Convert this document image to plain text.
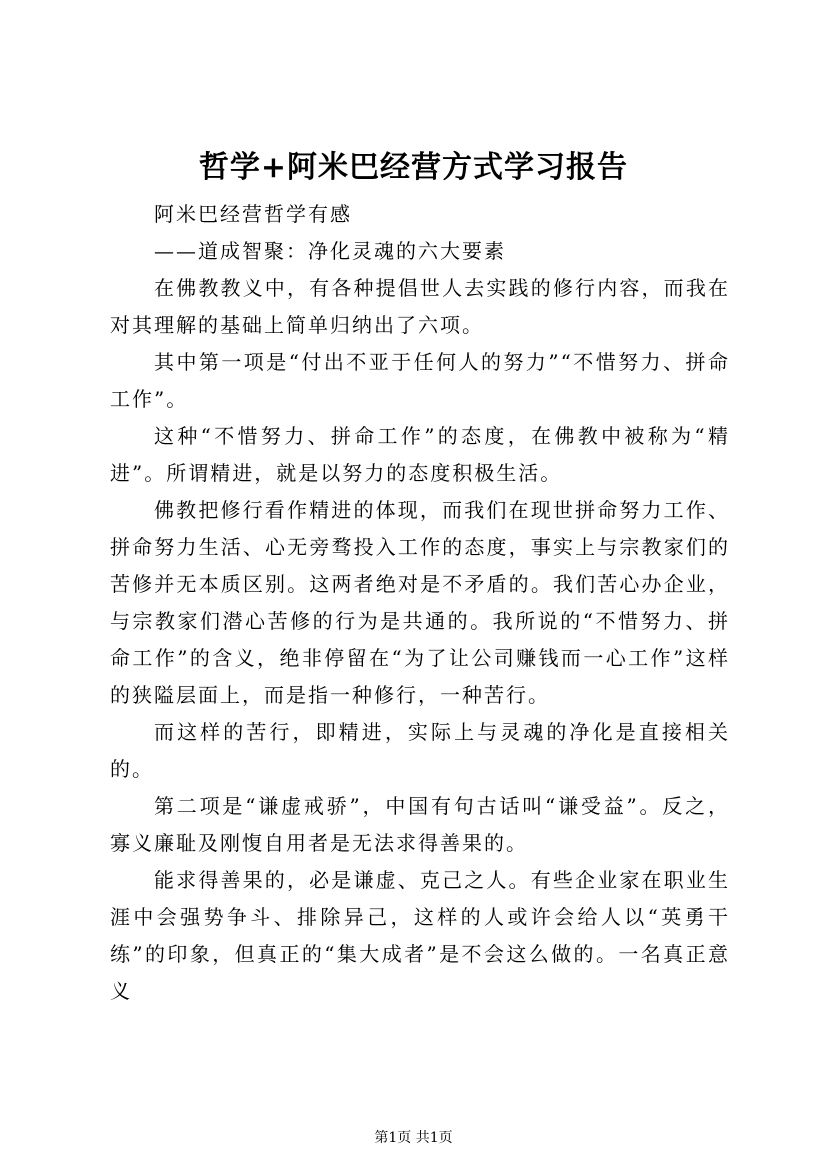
哲学+阿米巴经营方式学习报告

阿米巴经营哲学有感

——道成智聚：净化灵魂的六大要素

在佛教教义中，有各种提倡世人去实践的修行内容，而我在对其理解的基础上简单归纳出了六项。

其中第一项是“付出不亚于任何人的努力”“不惜努力、拼命工作”。

这种“不惜努力、拼命工作”的态度，在佛教中被称为“精进”。所谓精进，就是以努力的态度积极生活。

佛教把修行看作精进的体现，而我们在现世拼命努力工作、拼命努力生活、心无旁骛投入工作的态度，事实上与宗教家们的苦修并无本质区别。这两者绝对是不矛盾的。我们苦心办企业，与宗教家们潜心苦修的行为是共通的。我所说的“不惜努力、拼命工作”的含义，绝非停留在“为了让公司赚钱而一心工作”这样的狭隘层面上，而是指一种修行，一种苦行。

而这样的苦行，即精进，实际上与灵魂的净化是直接相关的。

第二项是“谦虚戒骄”，中国有句古话叫“谦受益”。反之，寡义廉耻及刚愎自用者是无法求得善果的。

能求得善果的，必是谦虚、克己之人。有些企业家在职业生涯中会强势争斗、排除异己，这样的人或许会给人以“英勇干练”的印象，但真正的“集大成者”是不会这么做的。一名真正意义

第1页 共1页
